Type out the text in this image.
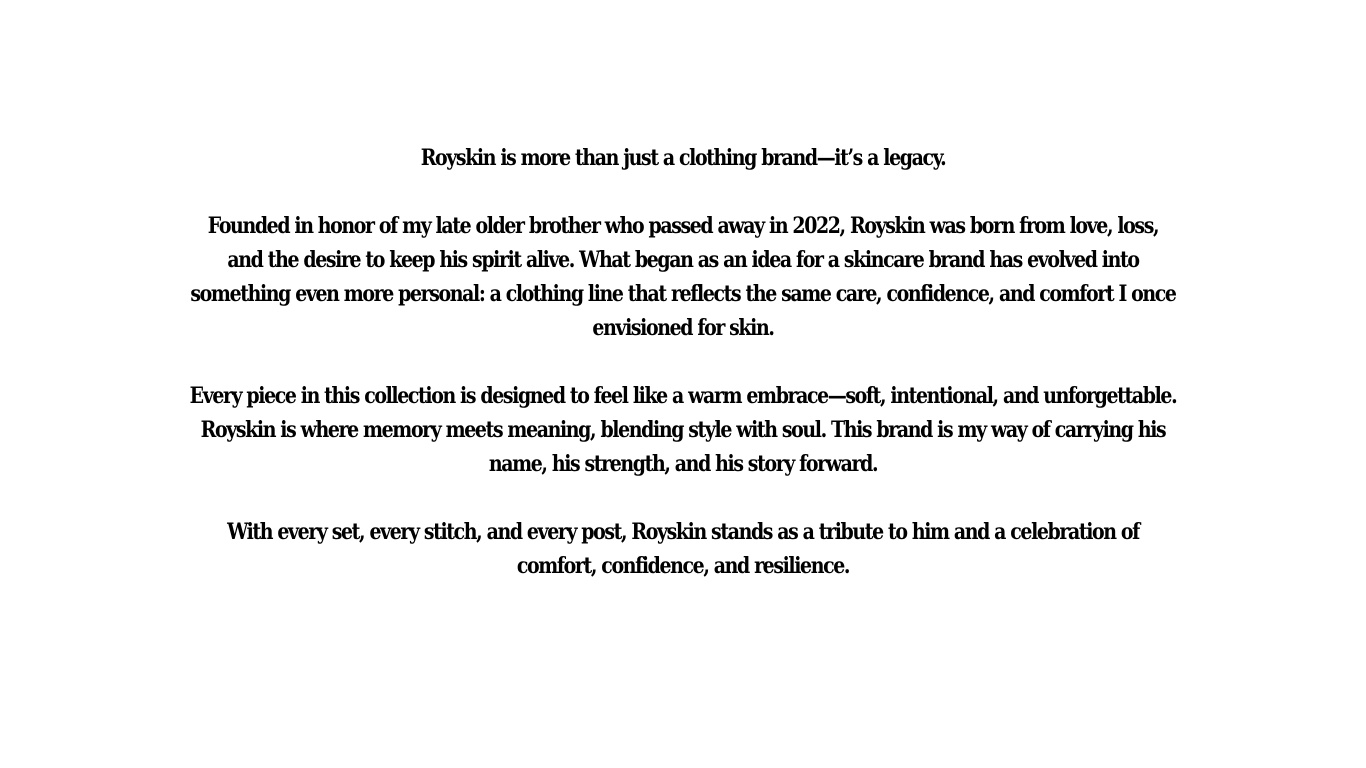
Royskin is more than just a clothing brand—it’s a legacy.

Founded in honor of my late older brother who passed away in 2022, Royskin was born from love, loss, and the desire to keep his spirit alive. What began as an idea for a skincare brand has evolved into something even more personal: a clothing line that reflects the same care, confidence, and comfort I once envisioned for skin.

Every piece in this collection is designed to feel like a warm embrace—soft, intentional, and unforgettable. Royskin is where memory meets meaning, blending style with soul. This brand is my way of carrying his name, his strength, and his story forward.

With every set, every stitch, and every post, Royskin stands as a tribute to him and a celebration of comfort, confidence, and resilience.
